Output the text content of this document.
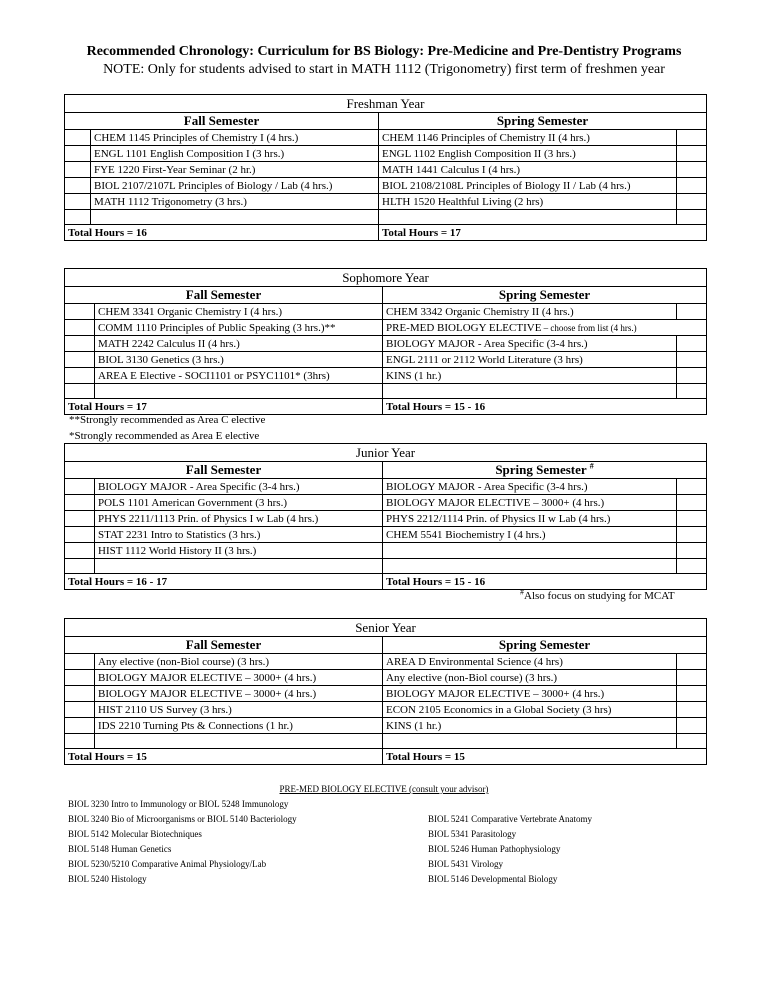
Recommended Chronology: Curriculum for BS Biology: Pre-Medicine and Pre-Dentistry Programs
NOTE: Only for students advised to start in MATH 1112 (Trigonometry) first term of freshmen year
Freshman Year			
Fall Semester		Spring Semester	
	CHEM 1145 Principles of Chemistry I (4 hrs.)	CHEM 1146 Principles of Chemistry II (4 hrs.)	
	ENGL 1101 English Composition I (3 hrs.)	ENGL 1102 English Composition II (3 hrs.)	
	FYE 1220 First-Year Seminar (2 hr.)	MATH 1441 Calculus I (4 hrs.)	
	BIOL 2107/2107L Principles of Biology / Lab (4 hrs.)	BIOL 2108/2108L Principles of Biology II / Lab (4 hrs.)	
	MATH 1112 Trigonometry (3 hrs.)	HLTH 1520 Healthful Living (2 hrs)	

Total Hours = 16		Total Hours = 17	
Sophomore Year			
Fall Semester		Spring Semester	
	CHEM 3341 Organic Chemistry I (4 hrs.)	CHEM 3342 Organic Chemistry II (4 hrs.)	
	COMM 1110 Principles of Public Speaking (3 hrs.)**	PRE-MED BIOLOGY ELECTIVE – choose from list (4 hrs.)	
	MATH 2242 Calculus II (4 hrs.)	BIOLOGY MAJOR - Area Specific (3-4 hrs.)	
	BIOL 3130 Genetics (3 hrs.)	ENGL 2111 or 2112 World Literature (3 hrs)	
	AREA E Elective - SOCI1101 or PSYC1101* (3hrs)	KINS (1 hr.)	

Total Hours = 17		Total Hours = 15 - 16	
**Strongly recommended as Area C elective
*Strongly recommended as Area E elective
Junior Year			
Fall Semester		Spring Semester #
	BIOLOGY MAJOR - Area Specific (3-4 hrs.)	BIOLOGY MAJOR - Area Specific (3-4 hrs.)	
	POLS 1101 American Government (3 hrs.)	BIOLOGY MAJOR ELECTIVE – 3000+ (4 hrs.)	
	PHYS 2211/1113 Prin. of Physics I w Lab (4 hrs.)	PHYS 2212/1114 Prin. of Physics II w Lab (4 hrs.)	
	STAT 2231 Intro to Statistics (3 hrs.)	CHEM 5541 Biochemistry I (4 hrs.)	
	HIST 1112 World History II (3 hrs.)		

Total Hours = 16 - 17		Total Hours = 15 - 16	
#Also focus on studying for MCAT
Senior Year			
Fall Semester		Spring Semester	
	Any elective (non-Biol course) (3 hrs.)	AREA D Environmental Science (4 hrs)	
	BIOLOGY MAJOR ELECTIVE – 3000+ (4 hrs.)	Any elective (non-Biol course) (3 hrs.)	
	BIOLOGY MAJOR ELECTIVE – 3000+ (4 hrs.)	BIOLOGY MAJOR ELECTIVE – 3000+ (4 hrs.)	
	HIST 2110 US Survey (3 hrs.)	ECON 2105 Economics in a Global Society (3 hrs)	
	IDS 2210 Turning Pts & Connections (1 hr.)	KINS (1 hr.)	

Total Hours = 15		Total Hours = 15	
PRE-MED BIOLOGY ELECTIVE (consult your advisor)
BIOL 3230 Intro to Immunology or BIOL 5248 Immunology
BIOL 3240 Bio of Microorganisms or BIOL 5140 Bacteriology
BIOL 5142 Molecular Biotechniques
BIOL 5148 Human Genetics
BIOL 5230/5210 Comparative Animal Physiology/Lab
BIOL 5240 Histology
BIOL 5241 Comparative Vertebrate Anatomy
BIOL 5341 Parasitology
BIOL 5246 Human Pathophysiology
BIOL 5431 Virology
BIOL 5146 Developmental Biology
